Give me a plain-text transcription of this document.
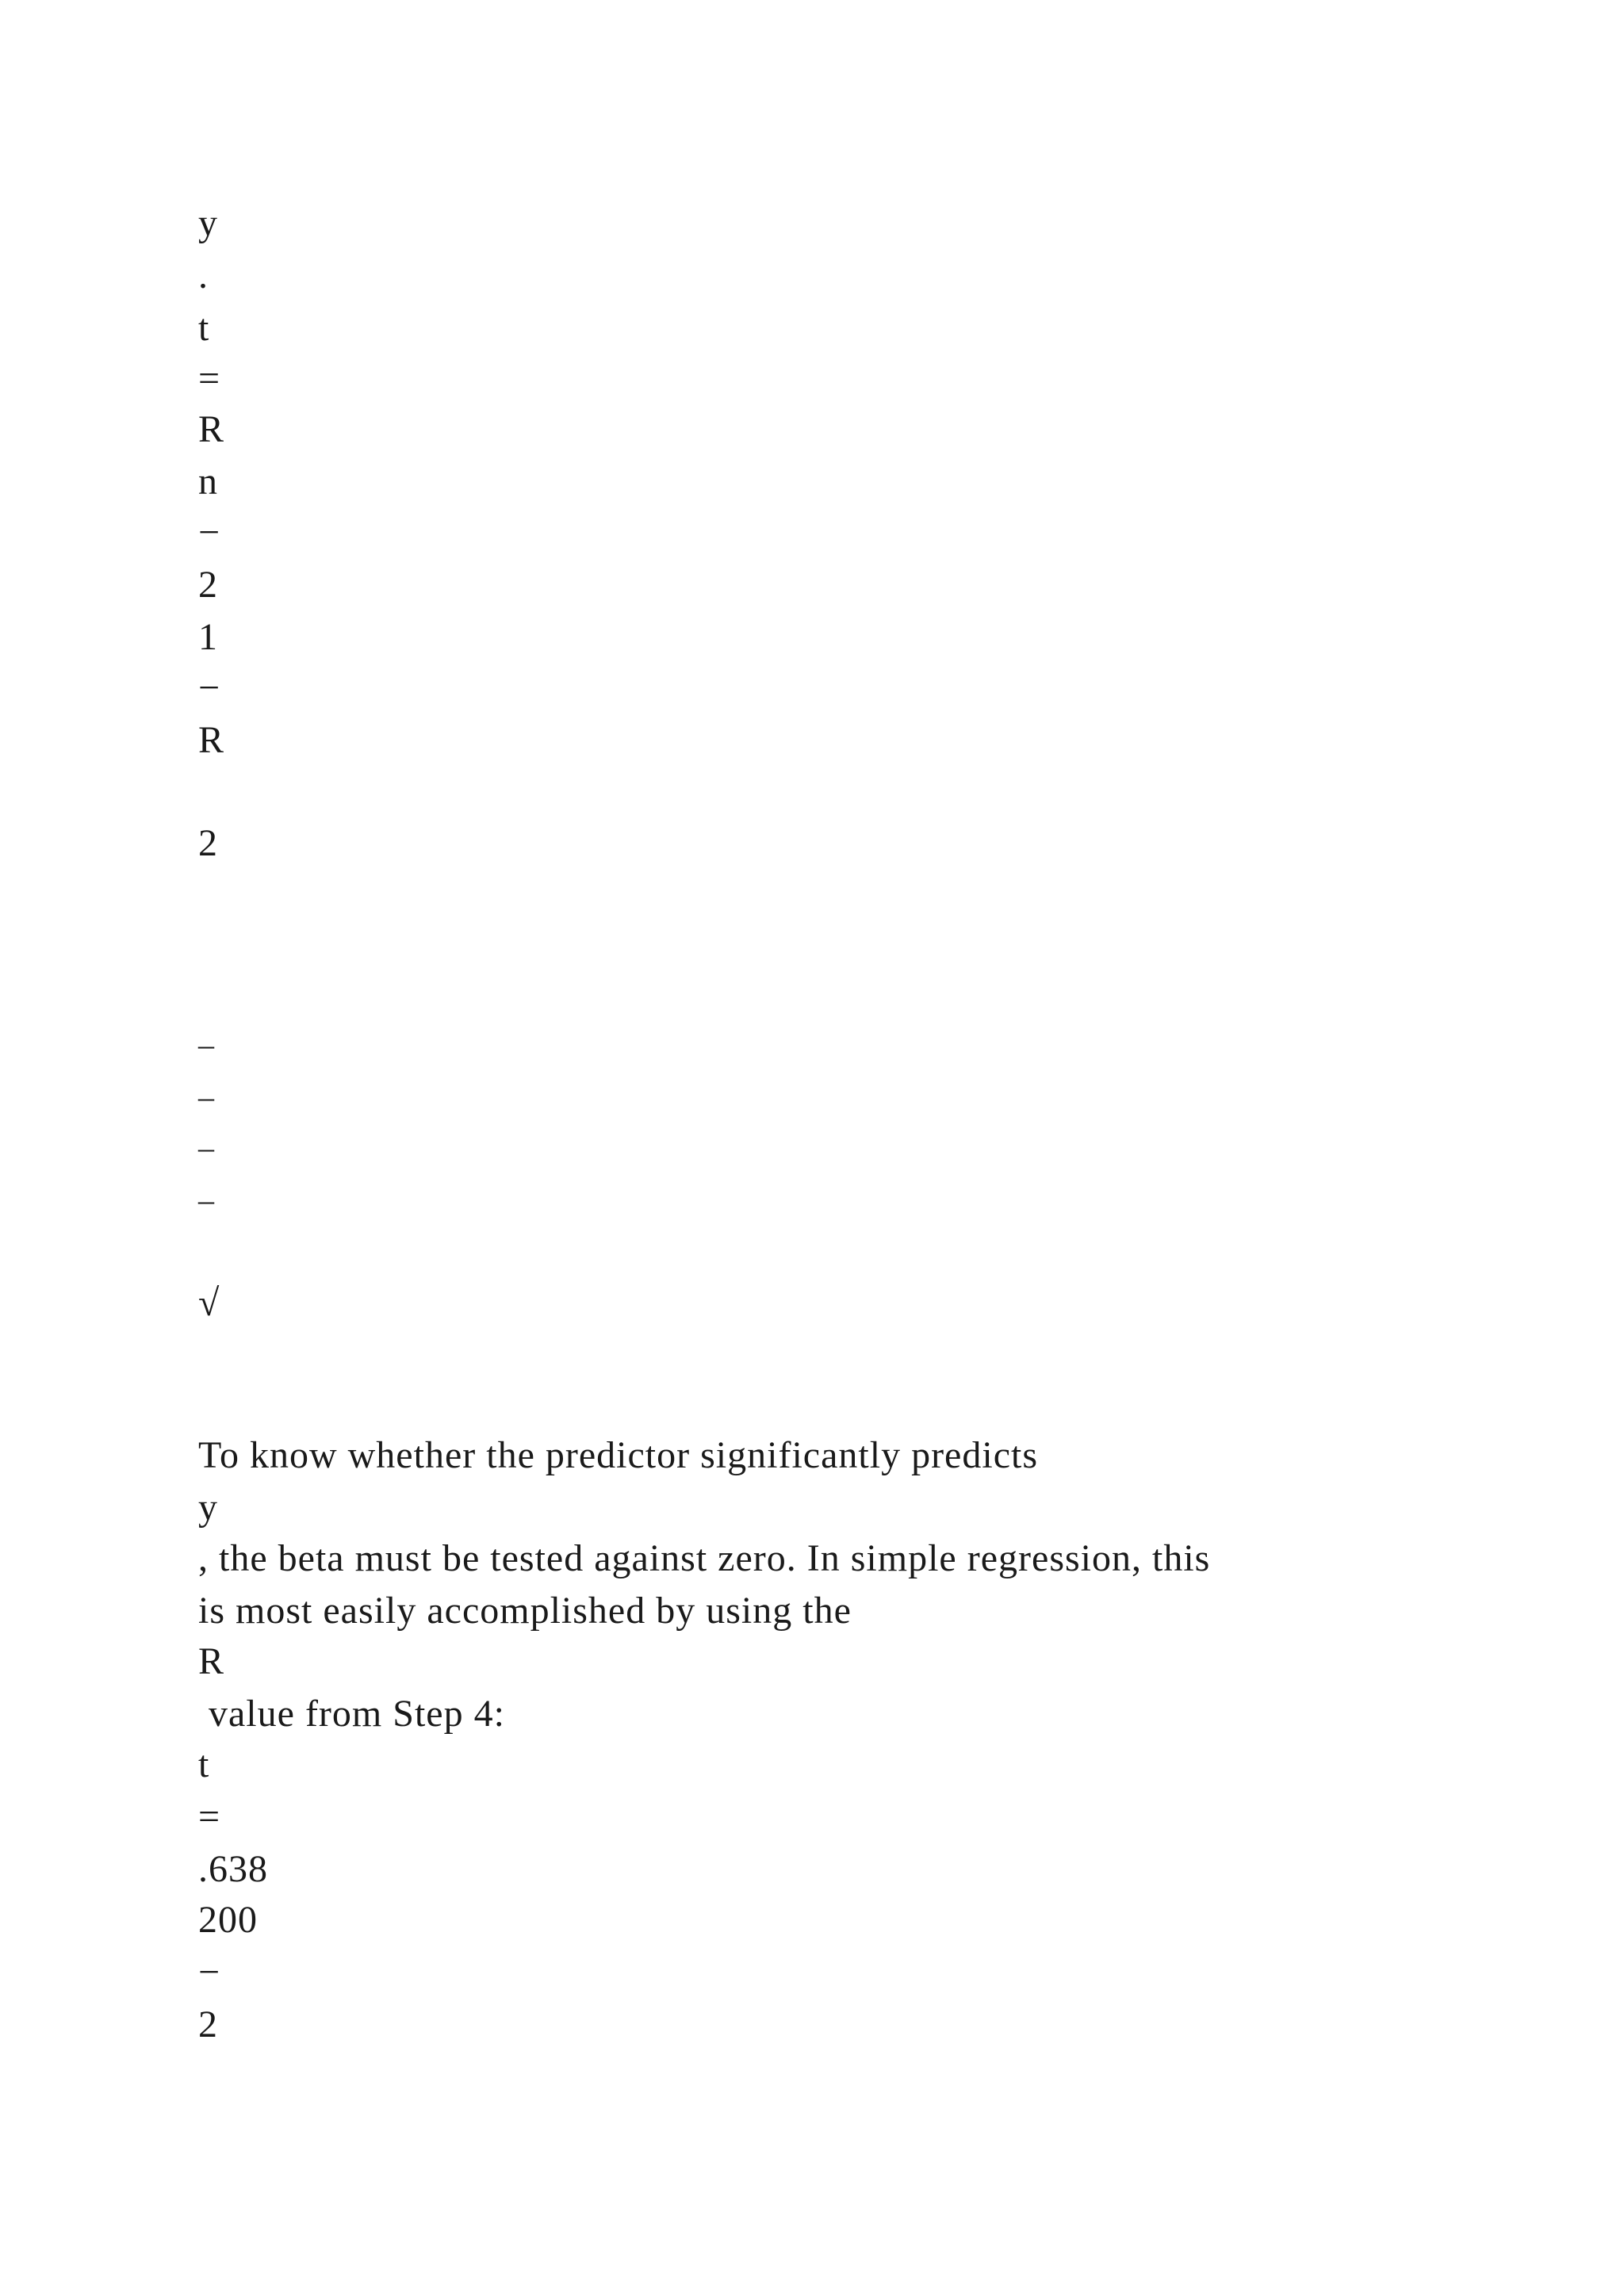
y
.
t
=
R
n
−
2
1
−
R
2
–
–
–
–
√
To know whether the predictor significantly predicts
y
, the beta must be tested against zero. In simple regression, this
is most easily accomplished by using the
R
value from Step 4:
t
=
.638
200
−
2
